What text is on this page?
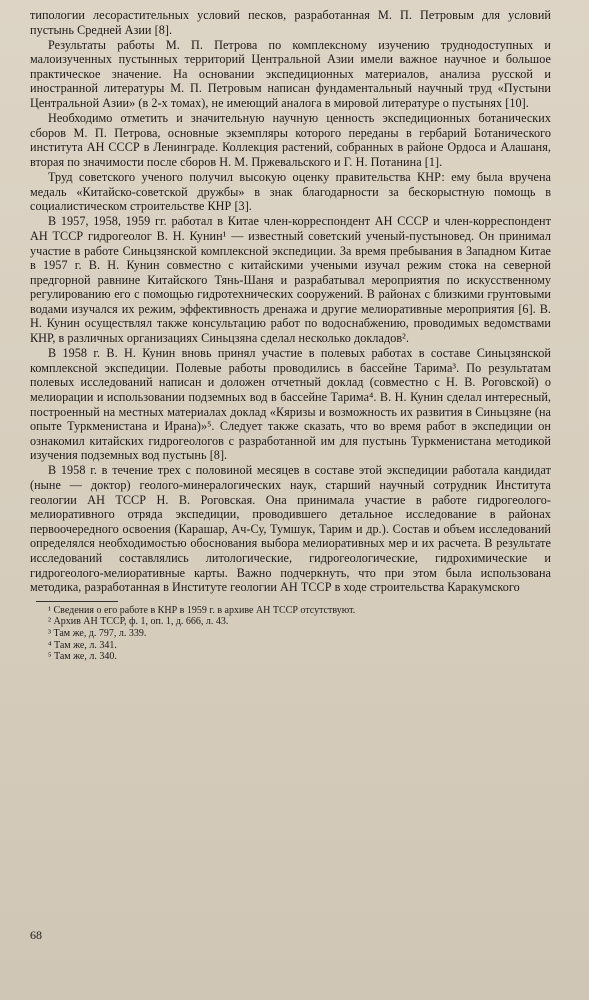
типологии лесорастительных условий песков, разработанная М. П. Петровым для условий пустынь Средней Азии [8].

Результаты работы М. П. Петрова по комплексному изучению труднодоступных и малоизученных пустынных территорий Центральной Азии имели важное научное и большое практическое значение. На основании экспедиционных материалов, анализа русской и иностранной литературы М. П. Петровым написан фундаментальный научный труд «Пустыни Центральной Азии» (в 2-х томах), не имеющий аналога в мировой литературе о пустынях [10].

Необходимо отметить и значительную научную ценность экспедиционных ботанических сборов М. П. Петрова, основные экземпляры которого переданы в гербарий Ботанического института АН СССР в Ленинграде. Коллекция растений, собранных в районе Ордоса и Алашаня, вторая по значимости после сборов Н. М. Пржевальского и Г. Н. Потанина [1].

Труд советского ученого получил высокую оценку правительства КНР: ему была вручена медаль «Китайско-советской дружбы» в знак благодарности за бескорыстную помощь в социалистическом строительстве КНР [3].

В 1957, 1958, 1959 гг. работал в Китае член-корреспондент АН СССР и член-корреспондент АН ТССР гидрогеолог В. Н. Кунин¹ — известный советский ученый-пустыновед. Он принимал участие в работе Синьцзянской комплексной экспедиции. За время пребывания в Западном Китае в 1957 г. В. Н. Кунин совместно с китайскими учеными изучал режим стока на северной предгорной равнине Китайского Тянь-Шаня и разрабатывал мероприятия по искусственному регулированию его с помощью гидротехнических сооружений. В районах с близкими грунтовыми водами изучался их режим, эффективность дренажа и другие мелиоративные мероприятия [6]. В. Н. Кунин осуществлял также консультацию работ по водоснабжению, проводимых ведомствами КНР, в различных организациях Синьцзяна сделал несколько докладов².

В 1958 г. В. Н. Кунин вновь принял участие в полевых работах в составе Синьцзянской комплексной экспедиции. Полевые работы проводились в бассейне Тарима³. По результатам полевых исследований написан и доложен отчетный доклад (совместно с Н. В. Роговской) о мелиорации и использовании подземных вод в бассейне Тарима⁴. В. Н. Кунин сделал интересный, построенный на местных материалах доклад «Кяризы и возможность их развития в Синьцзяне (на опыте Туркменистана и Ирана)»⁵. Следует также сказать, что во время работ в экспедиции он ознакомил китайских гидрогеологов с разработанной им для пустынь Туркменистана методикой изучения подземных вод пустынь [8].

В 1958 г. в течение трех с половиной месяцев в составе этой экспедиции работала кандидат (ныне — доктор) геолого-минералогических наук, старший научный сотрудник Института геологии АН ТССР Н. В. Роговская. Она принимала участие в работе гидрогеолого-мелиоративного отряда экспедиции, проводившего детальное исследование в районах первоочередного освоения (Карашар, Ач-Су, Тумшук, Тарим и др.). Состав и объем исследований определялся необходимостью обоснования выбора мелиоративных мер и их расчета. В результате исследований составлялись литологические, гидрогеологические, гидрохимические и гидрогеолого-мелиоративные карты. Важно подчеркнуть, что при этом была использована методика, разработанная в Институте геологии АН ТССР в ходе строительства Каракумского

¹ Сведения о его работе в КНР в 1959 г. в архиве АН ТССР отсутствуют.

² Архив АН ТССР, ф. 1, оп. 1, д. 666, л. 43.

³ Там же, д. 797, л. 339.

⁴ Там же, л. 341.

⁵ Там же, л. 340.

68
